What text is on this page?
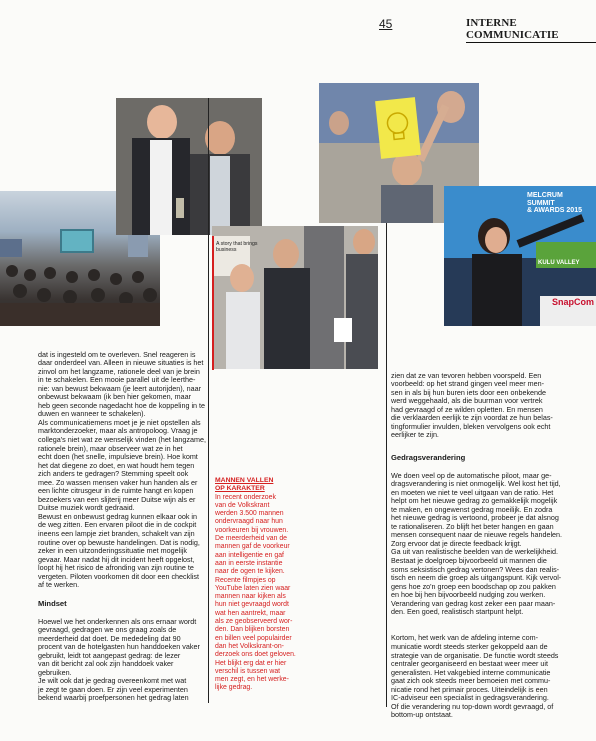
45	INTERNE COMMUNICATIE
A story that brings
business
MELCRUM
SUMMIT
& AWARDS 2015
KULU VALLEY
SnapCom

dat is ingesteld om te overleven. Snel reageren is
daar onderdeel van. Alleen in nieuwe situaties is het
zinvol om het langzame, rationele deel van je brein
in te schakelen. Een mooie parallel uit de leerthe-
nie: van bewust bekwaam (je leert autorijden), naar
onbewust bekwaam (ik ben hier gekomen, maar
heb geen seconde nagedacht hoe de koppeling in te
duwen en wanneer te schakelen).
Als communicatiemens moet je je niet opstellen als
marktonderzoeker, maar als antropoloog. Vraag je
collega's niet wat ze wenselijk vinden (het langzame,
rationele brein), maar observeer wat ze in het
echt doen (het snelle, impulsieve brein). Hoe komt
het dat diegene zo doet, en wat houdt hem tegen
zich anders te gedragen? Stemming speelt ook
mee. Zo wassen mensen vaker hun handen als er
een lichte citrusgeur in de ruimte hangt en kopen
bezoekers van een slijterij meer Duitse wijn als er
Duitse muziek wordt gedraaid.
Bewust en onbewust gedrag kunnen elkaar ook in
de weg zitten. Een ervaren piloot die in de cockpit
ineens een lampje ziet branden, schakelt van zijn
routine over op bewuste handelingen. Dat is nodig,
zeker in een uitzonderingssituatie met mogelijk
gevaar. Maar nadat hij dit incident heeft opgelost,
loopt hij het risico de afronding van zijn routine te
vergeten. Piloten voorkomen dit door een checklist
af te werken.

Mindset

Hoewel we het onderkennen als ons ernaar wordt
gevraagd, gedragen we ons graag zoals de
meerderheid dat doet. De mededeling dat 90
procent van de hotelgasten hun handdoeken vaker
gebruikt, leidt tot aangepast gedrag: de lezer
van dit bericht zal ook zijn handdoek vaker
gebruiken.
Je wilt ook dat je gedrag overeenkomt met wat
je zegt te gaan doen. Er zijn veel experimenten
bekend waarbij proefpersonen het gedrag laten

MANNEN VALLEN
OP KARAKTER
In recent onderzoek
van de Volkskrant
werden 3.500 mannen
ondervraagd naar hun
voorkeuren bij vrouwen.
De meerderheid van de
mannen gaf de voorkeur
aan intelligentie en gaf
aan in eerste instantie
naar de ogen te kijken.
Recente filmpjes op
YouTube laten zien waar
mannen naar kijken als
hun niet gevraagd wordt
wat hen aantrekt, maar
als ze geobserveerd wor-
den. Dan blijken borsten
en billen veel populairder
dan het Volkskrant-on-
derzoek ons doet geloven.
Het blijkt erg dat er hier
verschil is tussen wat
men zegt, en het werke-
lijke gedrag.

zien dat ze van tevoren hebben voorspeld. Een
voorbeeld: op het strand gingen veel meer men-
sen in als bij hun buren iets door een onbekende
werd weggehaald, als die buurman voor vertrek
had gevraagd of ze wilden opletten. En mensen
die verklaarden eerlijk te zijn voordat ze hun belas-
tingformulier invulden, bleken vervolgens ook echt
eerlijker te zijn.

Gedragsverandering

We doen veel op de automatische piloot, maar ge-
dragsverandering is niet onmogelijk. Wel kost het tijd,
en moeten we niet te veel uitgaan van de ratio. Het
helpt om het nieuwe gedrag zo gemakkelijk mogelijk
te maken, en ongewenst gedrag moeilijk. En zodra
het nieuwe gedrag is vertoond, probeer je dat alsnog
te rationaliseren. Zo blijft het beter hangen en gaan
mensen consequent naar de nieuwe regels handelen.
Zorg ervoor dat je directe feedback krijgt.
Ga uit van realistische beelden van de werkelijkheid.
Bestaat je doelgroep bijvoorbeeld uit mannen die
soms seksistisch gedrag vertonen? Wees dan realis-
tisch en neem die groep als uitgangspunt. Kijk vervol-
gens hoe zo'n groep een boodschap op zou pakken
en hoe bij hen bijvoorbeeld nudging zou werken.
Verandering van gedrag kost zeker een paar maan-
den. Een goed, realistisch startpunt helpt.

Kortom, het werk van de afdeling interne com-
municatie wordt steeds sterker gekoppeld aan de
strategie van de organisatie. De functie wordt steeds
centraler georganiseerd en bestaat weer meer uit
generalisten. Het vakgebied interne communicatie
gaat zich ook steeds meer bemoeien met commu-
nicatie rond het primair proces. Uiteindelijk is een
IC-adviseur een specialist in gedragsverandering.
Of die verandering nu top-down wordt gevraagd, of
bottom-up ontstaat.
